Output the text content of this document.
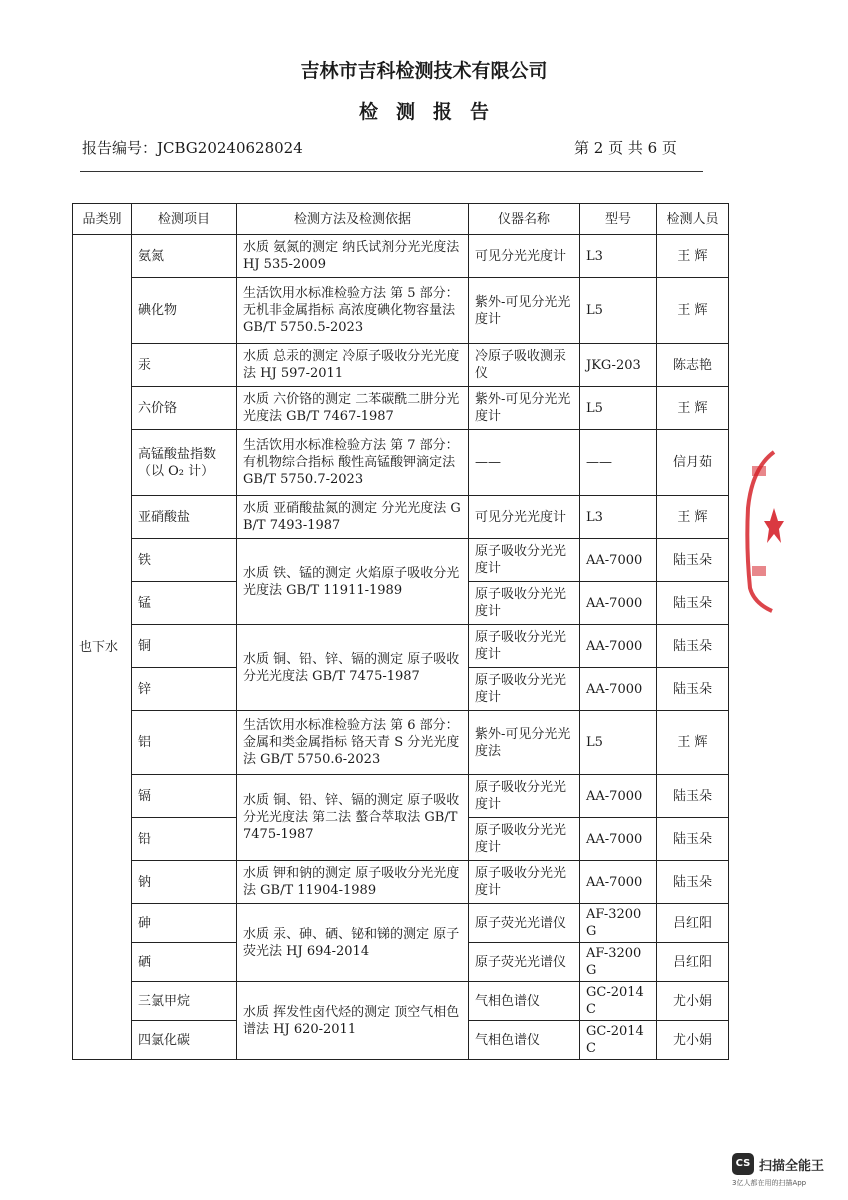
吉林市吉科检测技术有限公司
检测报告
报告编号：JCBG20240628024	第 2 页 共 6 页
品类别	检测项目	检测方法及检测依据	仪器名称	型号	检测人员
也下水	氨氮	水质 氨氮的测定 纳氏试剂分光光度法 HJ 535-2009	可见分光光度计	L3	王 辉
	碘化物	生活饮用水标准检验方法 第 5 部分：无机非金属指标 高浓度碘化物容量法 GB/T 5750.5-2023	紫外-可见分光光度计	L5	王 辉
	汞	水质 总汞的测定 冷原子吸收分光光度法 HJ 597-2011	冷原子吸收测汞仪	JKG-203	陈志艳
	六价铬	水质 六价铬的测定 二苯碳酰二肼分光光度法 GB/T 7467-1987	紫外-可见分光光度计	L5	王 辉
	高锰酸盐指数（以 O₂ 计）	生活饮用水标准检验方法 第 7 部分：有机物综合指标 酸性高锰酸钾滴定法 GB/T 5750.7-2023	——	——	信月茹
	亚硝酸盐	水质 亚硝酸盐氮的测定 分光光度法 GB/T 7493-1987	可见分光光度计	L3	王 辉
	铁	水质 铁、锰的测定 火焰原子吸收分光光度法 GB/T 11911-1989	原子吸收分光光度计	AA-7000	陆玉朵
	锰		原子吸收分光光度计	AA-7000	陆玉朵
	铜	水质 铜、铅、锌、镉的测定 原子吸收分光光度法 GB/T 7475-1987	原子吸收分光光度计	AA-7000	陆玉朵
	锌		原子吸收分光光度计	AA-7000	陆玉朵
	铝	生活饮用水标准检验方法 第 6 部分：金属和类金属指标 铬天青 S 分光光度法 GB/T 5750.6-2023	紫外-可见分光光度法	L5	王 辉
	镉	水质 铜、铅、锌、镉的测定 原子吸收分光光度法 第二法 螯合萃取法 GB/T 7475-1987	原子吸收分光光度计	AA-7000	陆玉朵
	铅		原子吸收分光光度计	AA-7000	陆玉朵
	钠	水质 钾和钠的测定 原子吸收分光光度法 GB/T 11904-1989	原子吸收分光光度计	AA-7000	陆玉朵
	砷	水质 汞、砷、硒、铋和锑的测定 原子荧光法 HJ 694-2014	原子荧光光谱仪	AF-3200G	吕红阳
	硒		原子荧光光谱仪	AF-3200G	吕红阳
	三氯甲烷	水质 挥发性卤代烃的测定 顶空气相色谱法 HJ 620-2011	气相色谱仪	GC-2014C	尤小娟
	四氯化碳		气相色谱仪	GC-2014C	尤小娟
CS 扫描全能王
3亿人都在用的扫描App
